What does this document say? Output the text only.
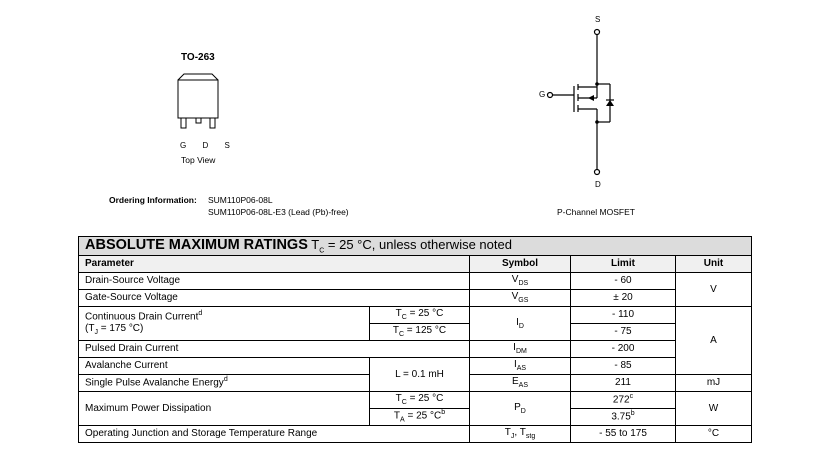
TO-263
G D S
Top View
Ordering Information: SUM110P06-08L
SUM110P06-08L-E3 (Lead (Pb)-free)
S
G
D
P-Channel MOSFET
ABSOLUTE MAXIMUM RATINGS $T_C = 25$ °C, unless otherwise noted				
Parameter		Symbol	Limit	Unit
Drain-Source Voltage		$V_{DS}$	- 60	V
Gate-Source Voltage		$V_{GS}$	± 20	
Continuous Drain Current$^d$
($T_J = 175$ °C)	$T_C = 25$ °C	$I_D$	- 110	A
	$T_C = 125$ °C		- 75	
Pulsed Drain Current		$I_{DM}$	- 200	
Avalanche Current	L = 0.1 mH	$I_{AS}$	- 85	
Single Pulse Avalanche Energy$^d$		$E_{AS}$	211	mJ
Maximum Power Dissipation	$T_C = 25$ °C	$P_D$	272$^c$	W
	$T_A = 25$ $^\circ C^b$		3.75$^b$
Operating Junction and Storage Temperature Range		$T_J$, $T_{stg}$	- 55 to 175	°C
